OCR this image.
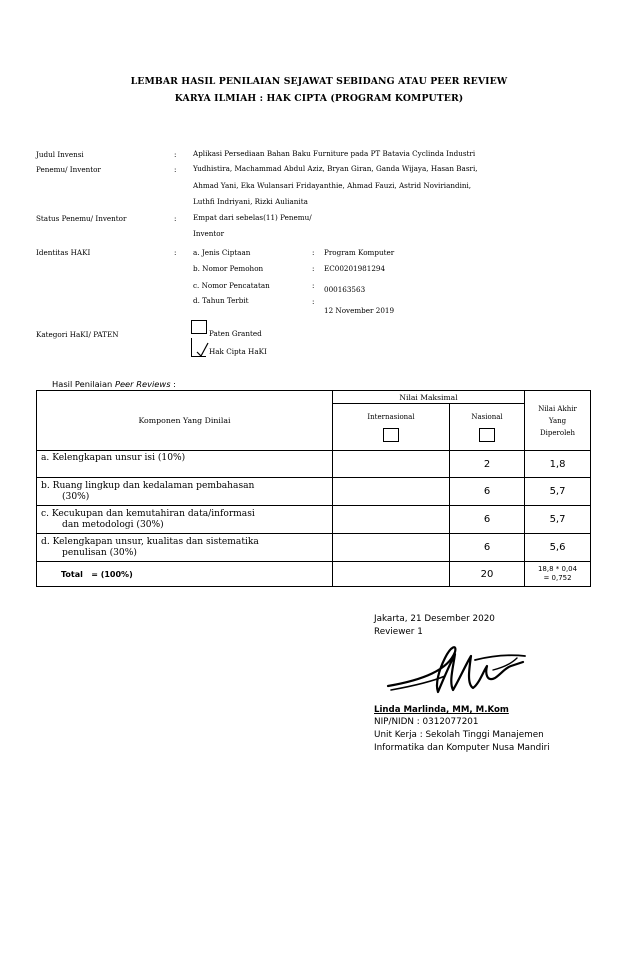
LEMBAR HASIL PENILAIAN SEJAWAT SEBIDANG ATAU PEER REVIEW
KARYA ILMIAH : HAK CIPTA (PROGRAM KOMPUTER)
Judul Invensi	: Aplikasi Persediaan Bahan Baku Furniture pada PT Batavia Cyclinda Industri
Penemu/ Inventor	: Yudhistira, Machammad Abdul Aziz, Bryan Giran, Ganda Wijaya, Hasan Basri,
Ahmad Yani, Eka Wulansari Fridayanthie, Ahmad Fauzi, Astrid Noviriandini,
Luthfi Indriyani, Rizki Aulianita
Status Penemu/ Inventor	: Empat dari sebelas(11) Penemu/
Inventor
Identitas HAKI	: a. Jenis Ciptaan	: Program Komputer
b. Nomor Pemohon	: EC00201981294
c. Nomor Pencatatan	: 000163563
d. Tahun Terbit	:
12 November 2019
Kategori HaKI/ PATEN	Paten Granted
Hak Cipta HaKI
Hasil Penilaian Peer Reviews :
Komponen Yang Dinilai	Nilai Maksimal		Nilai Akhir
Yang
Diperoleh

	Internasional	Nasional	

a. Kelengkapan unsur isi (10%)		2	1,8

b. Ruang lingkup dan kedalaman pembahasan
(30%)		6	5,7

c. Kecukupan dan kemutahiran data/informasi
dan metodologi (30%)		6	5,7

d. Kelengkapan unsur, kualitas dan sistematika
penulisan (30%)		6	5,6
Total   = (100%)		20	18,8 * 0,04
= 0,752
Jakarta, 21 Desember 2020
Reviewer 1
Linda Marlinda, MM, M.Kom
NIP/NIDN : 0312077201
Unit Kerja : Sekolah Tinggi Manajemen
Informatika dan Komputer Nusa Mandiri
